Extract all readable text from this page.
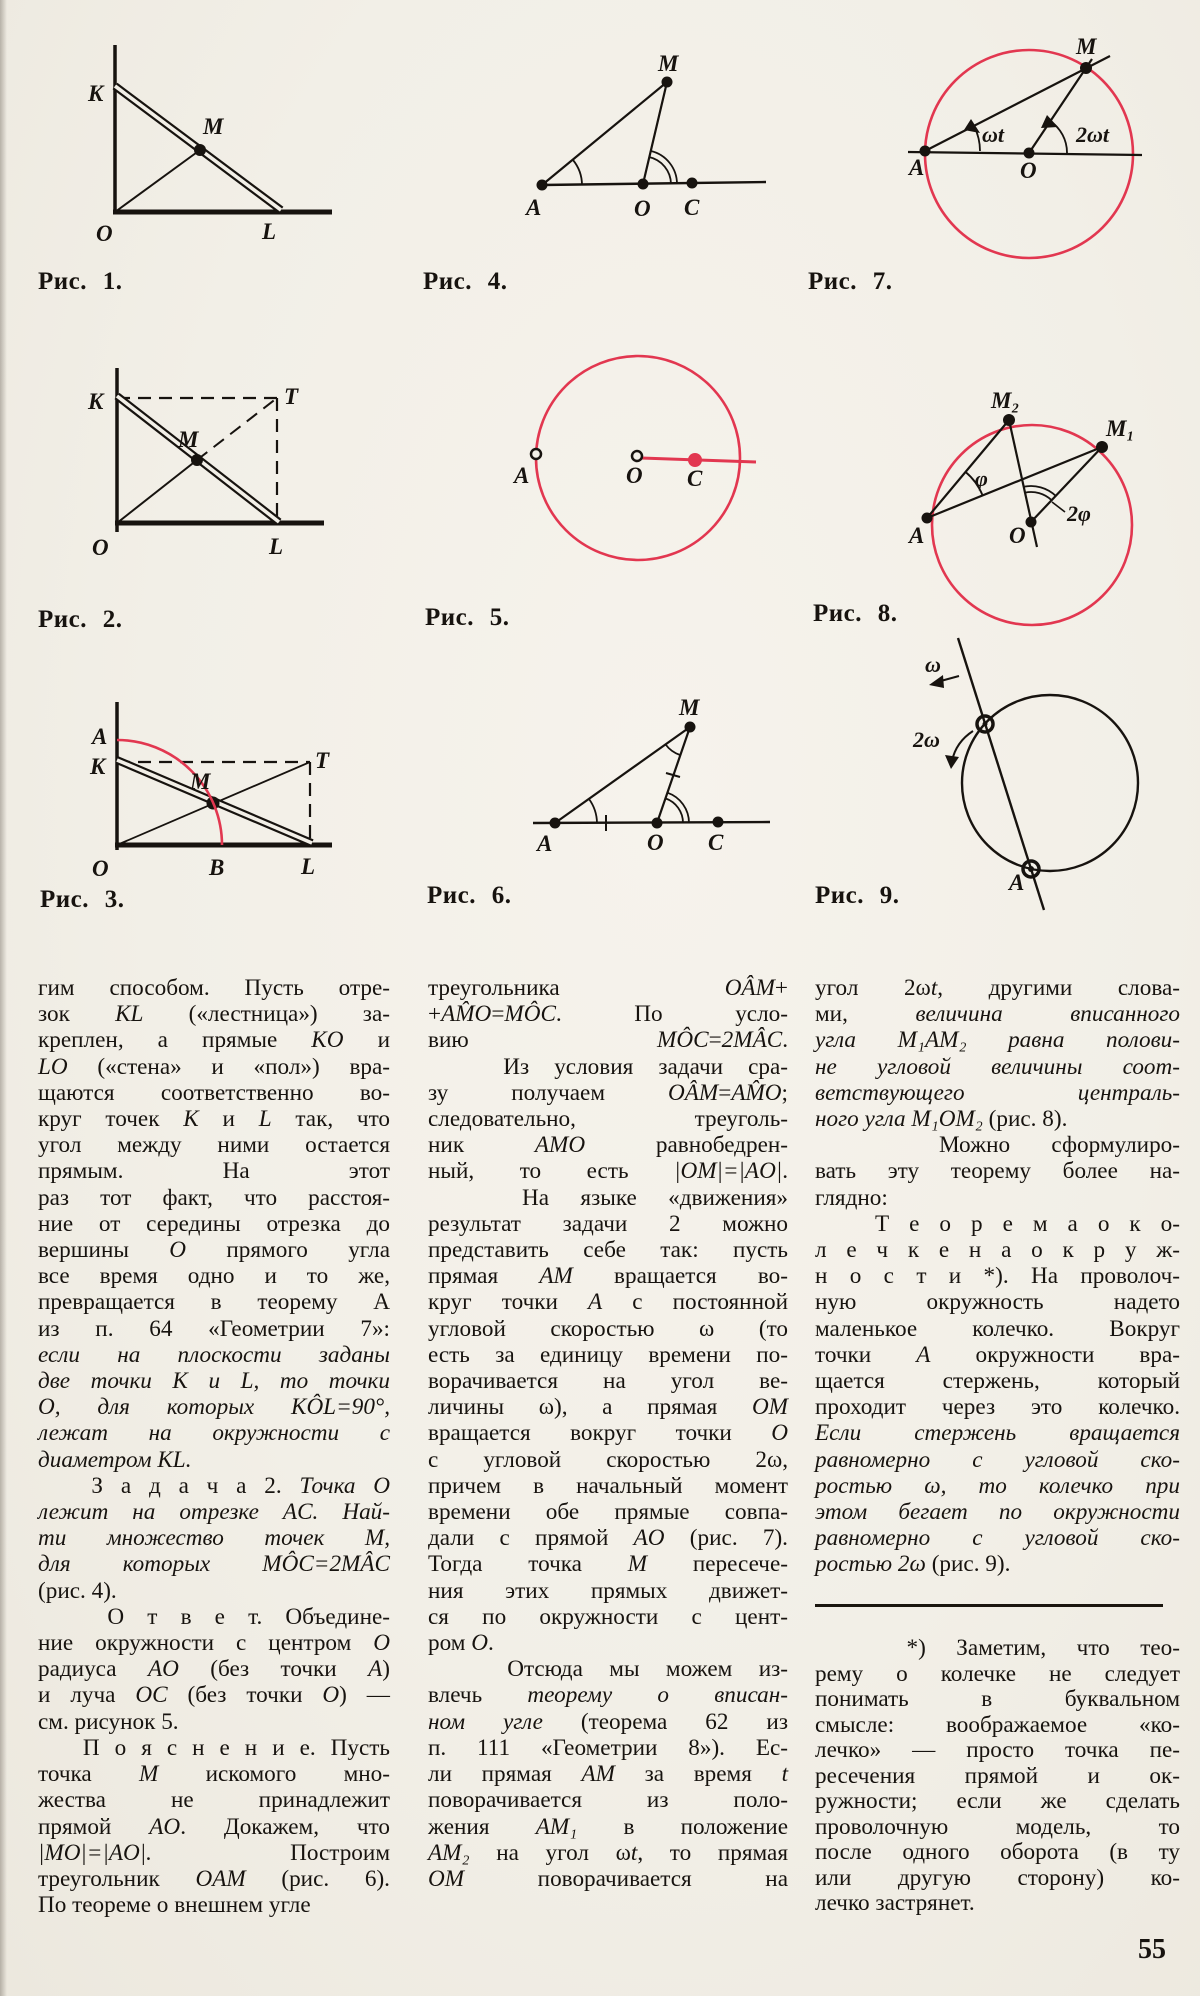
K
M
O	L
Рис. 1.
K	T
M
O	L
Рис. 2.
A
K	T
M
O	B	L
Рис. 3.
M
A	O C
Рис. 4.
A	O C
Рис. 5.
M
A	O C
Рис. 6.
M
A	O
ωt	2ωt
Рис. 7.
M₂
M₁
A	O
φ
2φ
Рис. 8.
ω
2ω
A
Рис. 9.
гим способом. Пусть отре-
зок KL («лестница») за-
креплен, а прямые KO и
LO («стена» и «пол») вра-
щаются соответственно во-
круг точек K и L так, что
угол между ними остается
прямым. На этот
раз тот факт, что расстоя-
ние от середины отрезка до
вершины O прямого угла
все время одно и то же,
превращается в теорему А
из п. 64 «Геометрии 7»:
если на плоскости заданы
две точки K и L, то точки
O, для которых KÔL=90°,
лежат на окружности с
диаметром KL.
З а д а ч а 2. Точка O
лежит на отрезке AC. Най-
ти множество точек M,
для которых MÔC=2MÂC
(рис. 4).
О т в е т. Объедине-
ние окружности с центром O
радиуса AO (без точки A)
и луча OC (без точки O) —
см. рисунок 5.
П о я с н е н и е. Пусть
точка M искомого мно-
жества не принадлежит
прямой AO. Докажем, что
|MO|=|AO|. Построим
треугольник OAM (рис. 6).
По теореме о внешнем угле
треугольника OÂM+
+AM̂O=MÔC. По усло-
вию MÔC=2MÂC.
Из условия задачи сра-
зу получаем OÂM=AM̂O;
следовательно, треуголь-
ник AMO равнобедрен-
ный, то есть |OM|=|AO|.
На языке «движения»
результат задачи 2 можно
представить себе так: пусть
прямая AM вращается во-
круг точки A с постоянной
угловой скоростью ω (то
есть за единицу времени по-
ворачивается на угол ве-
личины ω), а прямая OM
вращается вокруг точки O
с угловой скоростью 2ω,
причем в начальный момент
времени обе прямые совпа-
дали с прямой AO (рис. 7).
Тогда точка M пересече-
ния этих прямых движет-
ся по окружности с цент-
ром O.
Отсюда мы можем из-
влечь теорему о вписан-
ном угле (теорема 62 из
п. 111 «Геометрии 8»). Ес-
ли прямая AM за время t
поворачивается из поло-
жения AM₁ в положение
AM₂ на угол ωt, то прямая
OM поворачивается на
угол 2ωt, другими слова-
ми, величина вписанного
угла M₁AM₂ равна полови-
не угловой величины соот-
ветствующего централь-
ного угла M₁OM₂ (рис. 8).
Можно сформулиро-
вать эту теорему более на-
глядно:
Т е о р е м а о к о-
л е ч к е н а о к р у ж-
н о с т и *). На проволоч-
ную окружность надето
маленькое колечко. Вокруг
точки A окружности вра-
щается стержень, который
проходит через это колечко.
Если стержень вращается
равномерно с угловой ско-
ростью ω, то колечко при
этом бегает по окружности
равномерно с угловой ско-
ростью 2ω (рис. 9).
*) Заметим, что тео-
рему о колечке не следует
понимать в буквальном
смысле: воображаемое «ко-
лечко» — просто точка пе-
ресечения прямой и ок-
ружности; если же сделать
проволочную модель, то
после одного оборота (в ту
или другую сторону) ко-
лечко застрянет.
55
